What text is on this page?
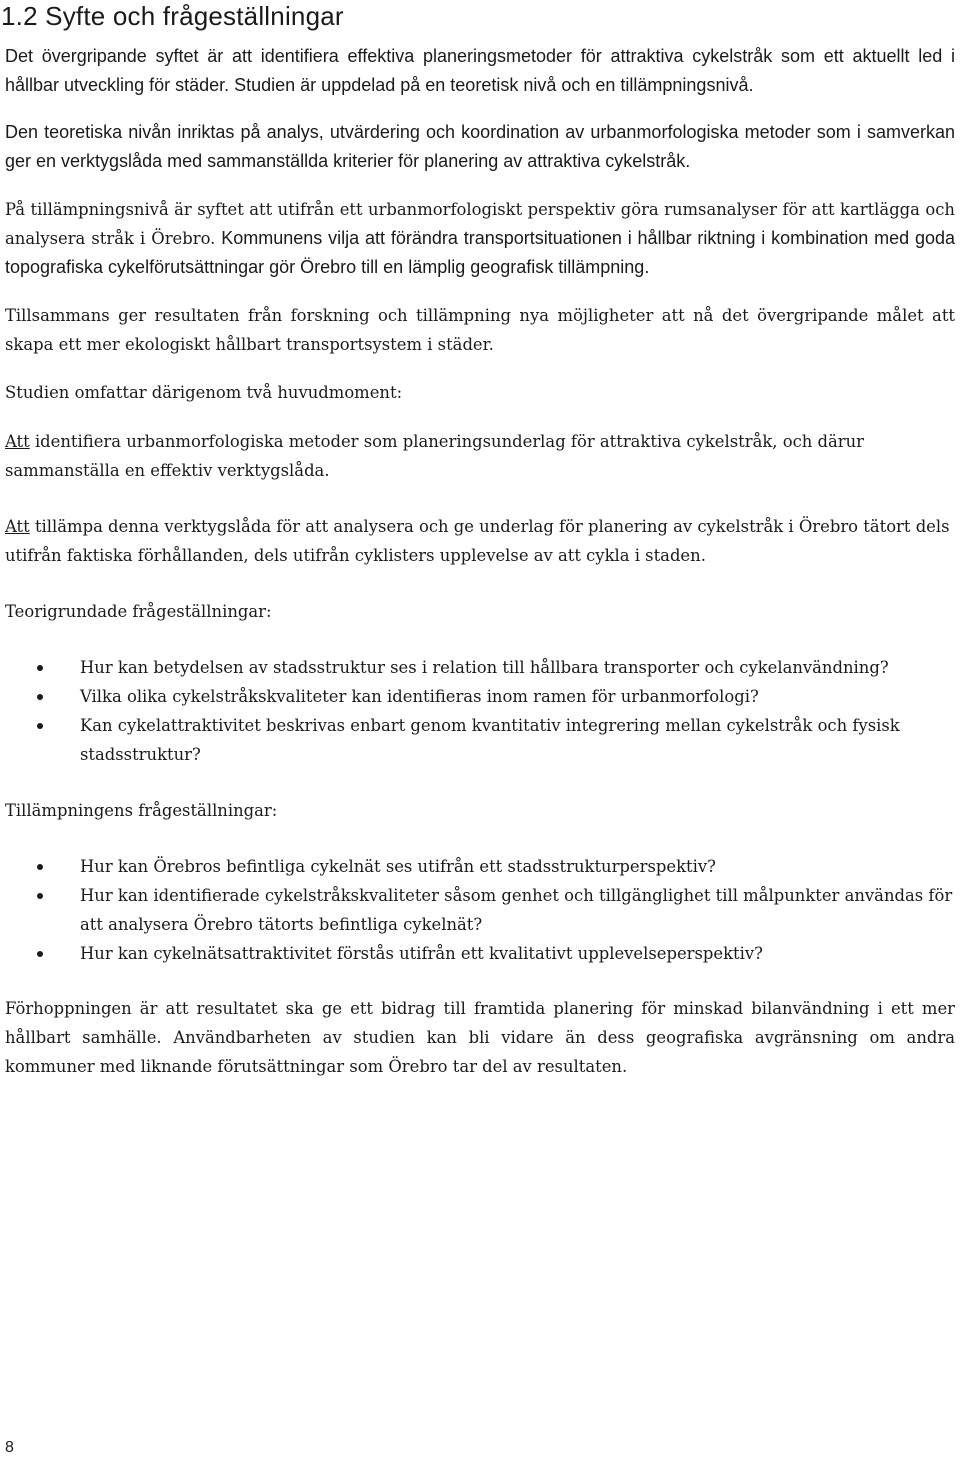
1.2 Syfte och frågeställningar

Det övergripande syftet är att identifiera effektiva planeringsmetoder för attraktiva cykelstråk som ett aktuellt led i hållbar utveckling för städer. Studien är uppdelad på en teoretisk nivå och en tillämpningsnivå.

Den teoretiska nivån inriktas på analys, utvärdering och koordination av urbanmorfologiska metoder som i samverkan ger en verktygslåda med sammanställda kriterier för planering av attraktiva cykelstråk.

På tillämpningsnivå är syftet att utifrån ett urbanmorfologiskt perspektiv göra rumsanalyser för att kartlägga och analysera stråk i Örebro. Kommunens vilja att förändra transportsituationen i hållbar riktning i kombination med goda topografiska cykelförutsättningar gör Örebro till en lämplig geografisk tillämpning.

Tillsammans ger resultaten från forskning och tillämpning nya möjligheter att nå det övergripande målet att skapa ett mer ekologiskt hållbart transportsystem i städer.

Studien omfattar därigenom två huvudmoment:

Att identifiera urbanmorfologiska metoder som planeringsunderlag för attraktiva cykelstråk, och därur sammanställa en effektiv verktygslåda.

Att tillämpa denna verktygslåda för att analysera och ge underlag för planering av cykelstråk i Örebro tätort dels utifrån faktiska förhållanden, dels utifrån cyklisters upplevelse av att cykla i staden.

Teorigrundade frågeställningar:

Hur kan betydelsen av stadsstruktur ses i relation till hållbara transporter och cykelanvändning?
Vilka olika cykelstråkskvaliteter kan identifieras inom ramen för urbanmorfologi?
Kan cykelattraktivitet beskrivas enbart genom kvantitativ integrering mellan cykelstråk och fysisk stadsstruktur?

Tillämpningens frågeställningar:

Hur kan Örebros befintliga cykelnät ses utifrån ett stadsstrukturperspektiv?
Hur kan identifierade cykelstråkskvaliteter såsom genhet och tillgänglighet till målpunkter användas för att analysera Örebro tätorts befintliga cykelnät?
Hur kan cykelnätsattraktivitet förstås utifrån ett kvalitativt upplevelseperspektiv?

Förhoppningen är att resultatet ska ge ett bidrag till framtida planering för minskad bilanvändning i ett mer hållbart samhälle. Användbarheten av studien kan bli vidare än dess geografiska avgränsning om andra kommuner med liknande förutsättningar som Örebro tar del av resultaten.

8
